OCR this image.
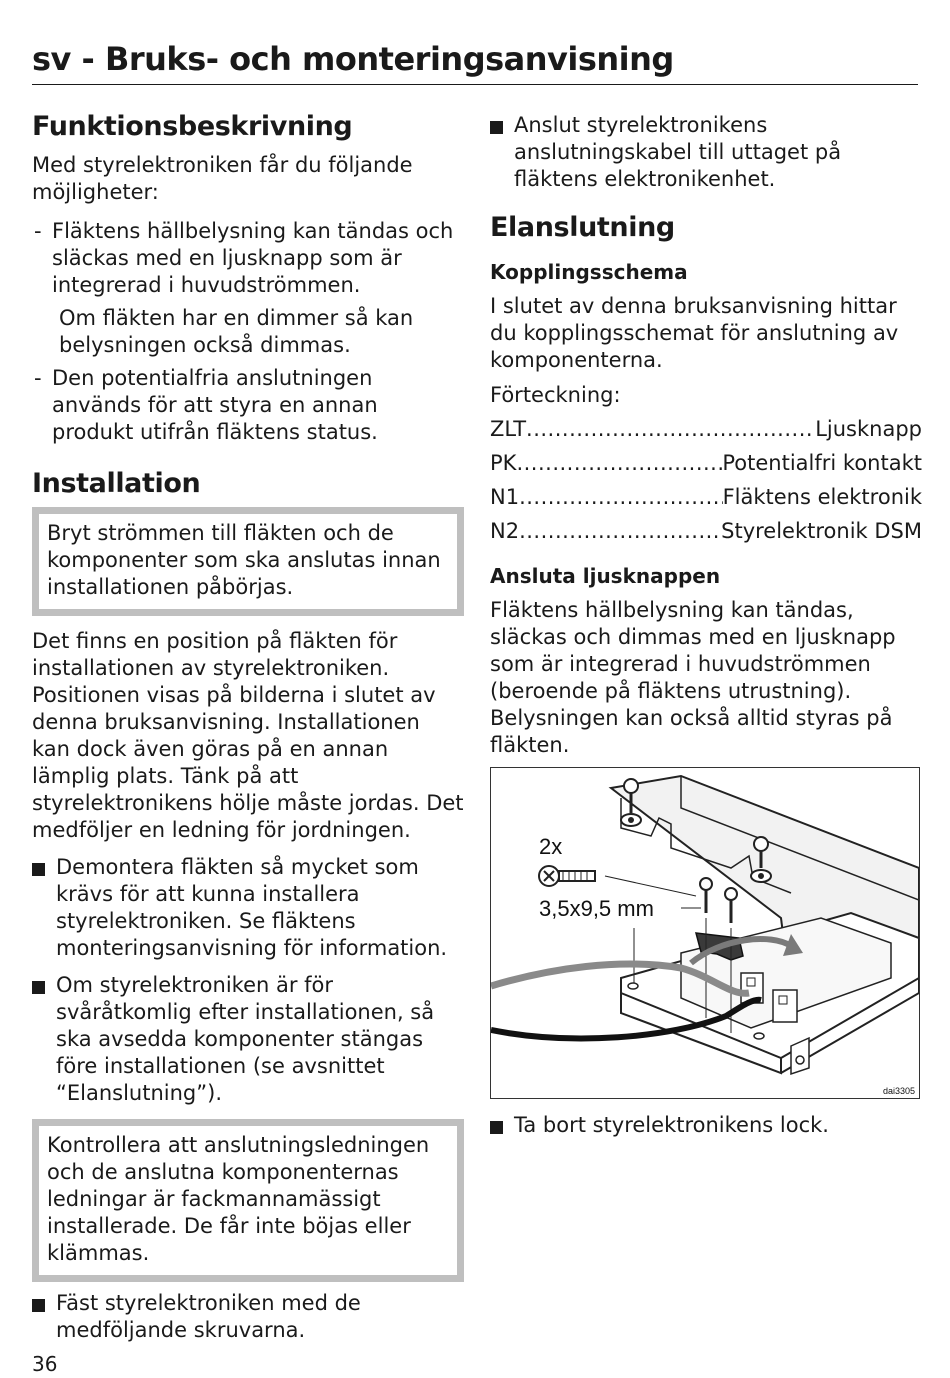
sv - Bruks- och monteringsanvisning
Funktionsbeskrivning

Med styrelektroniken får du följande möjligheter:

- Fläktens hällbelysning kan tändas och släckas med en ljusknapp som är integrerad i huvudströmmen.
Om fläkten har en dimmer så kan belysningen också dimmas.
- Den potentialfria anslutningen används för att styra en annan produkt utifrån fläktens status.
Installation
Bryt strömmen till fläkten och de komponenter som ska anslutas innan installationen påbörjas.

Det finns en position på fläkten för installationen av styrelektroniken. Positionen visas på bilderna i slutet av denna bruksanvisning. Installationen kan dock även göras på en annan lämplig plats. Tänk på att styrelektronikens hölje måste jordas. Det medföljer en ledning för jordningen.

Demontera fläkten så mycket som krävs för att kunna installera styrelektroniken. Se fläktens monteringsanvisning för information.
Om styrelektroniken är för svåråtkomlig efter installationen, så ska avsedda komponenter stängas före installationen (se avsnittet “Elanslutning”).
Kontrollera att anslutningsledningen och de anslutna komponenternas ledningar är fackmannamässigt installerade. De får inte böjas eller klämmas.
Fäst styrelektroniken med de medföljande skruvarna.
Anslut styrelektronikens anslutningskabel till uttaget på fläktens elektronikenhet.
Elanslutning
Kopplingsschema

I slutet av denna bruksanvisning hittar du kopplingsschemat för anslutning av komponenterna.

Förteckning:

ZLT .....	Ljusknapp
PK .....	Potentialfri kontakt
N1 .....	Fläktens elektronik
N2 .....	Styrelektronik DSM
Ansluta ljusknappen

Fläktens hällbelysning kan tändas, släckas och dimmas med en ljusknapp som är integrerad i huvudströmmen (beroende på fläktens utrustning). Belysningen kan också alltid styras på fläkten.

2x
3,5x9,5 mm
dai3305
Ta bort styrelektronikens lock.
36
